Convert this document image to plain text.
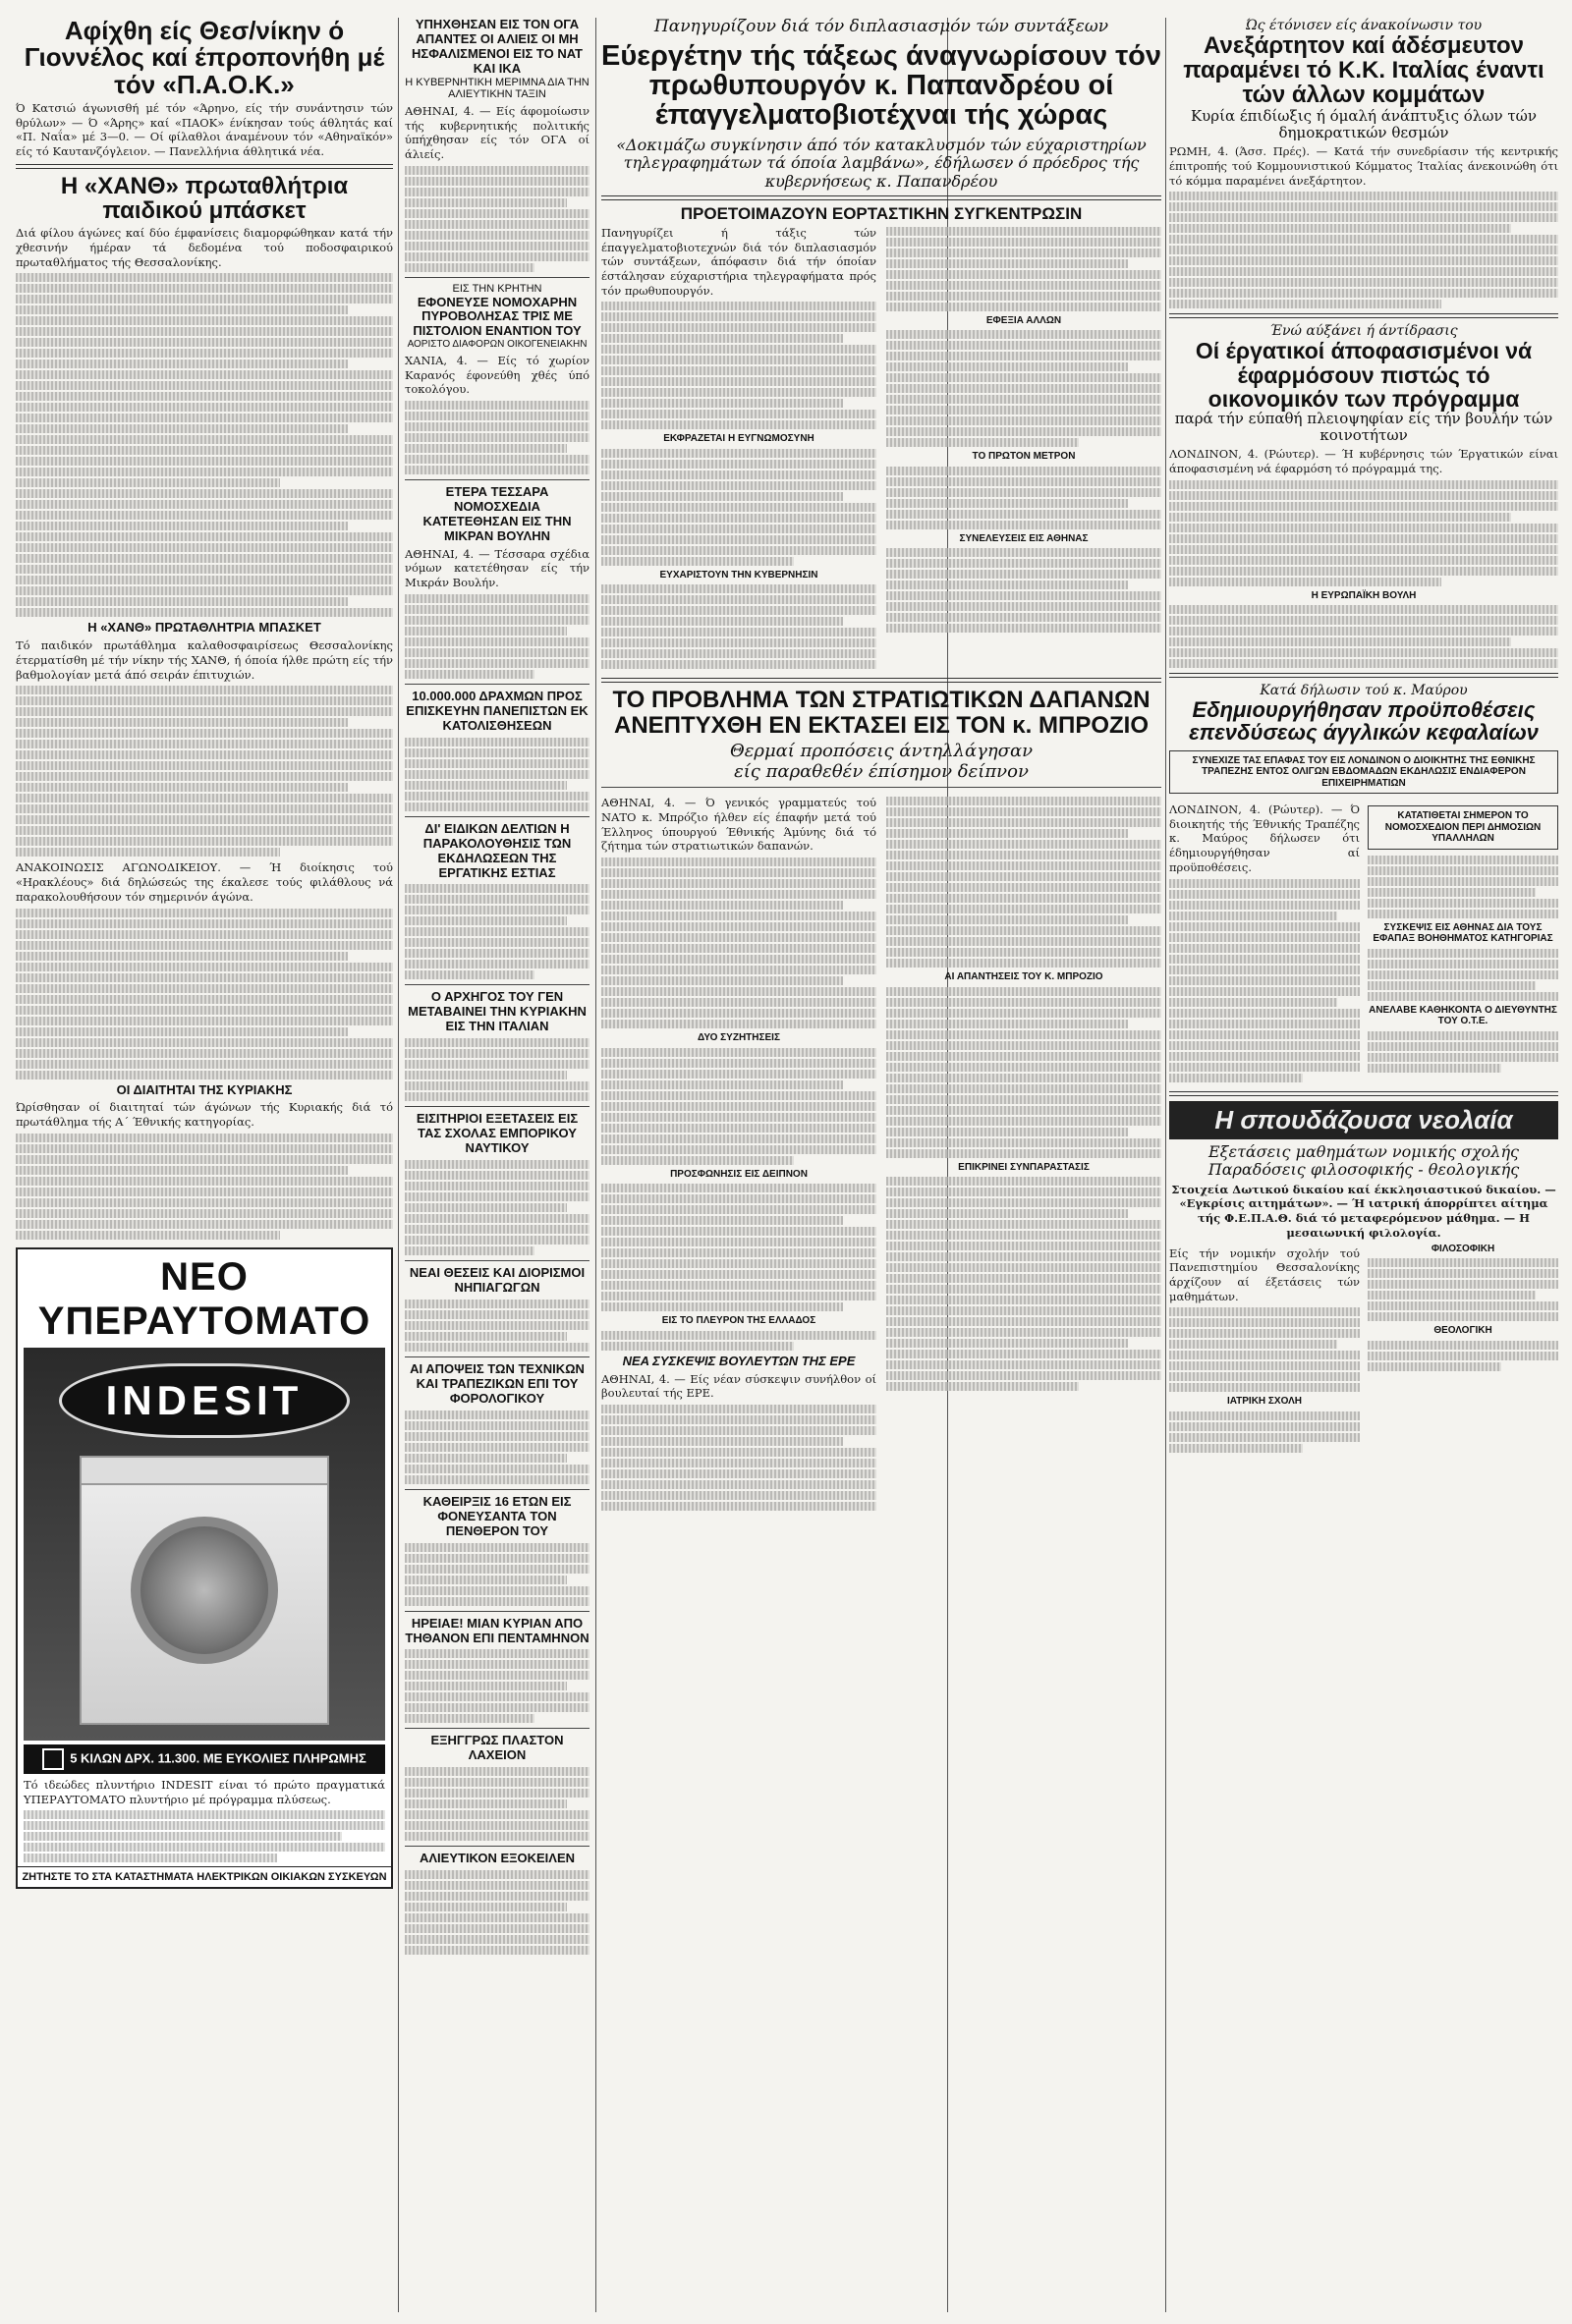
Αφίχθη είς Θεσ/νίκην ό Γιοννέλος καί έπροπονήθη μέ τόν «Π.Α.Ο.Κ.»

Ό Κατσιώ άγωνισθή μέ τόν «Άρηνο, είς τήν συνάντησιν τών θρύλων» — Ό «Άρης» καί «ΠΑΟΚ» ένίκησαν τούς άθλητάς καί «Π. Ναΐα» μέ 3—0. — Οί φίλαθλοι άναμένουν τόν «Αθηναϊκόν» είς τό Καυτανζόγλειον. — Πανελλήνια άθλητικά νέα.

Η «ΧΑΝΘ» πρωταθλήτρια παιδικού μπάσκετ

Διά φίλου άγώνες καί δύο έμφανίσεις διαμορφώθηκαν κατά τήν χθεσινήν ήμέραν τά δεδομένα τού ποδοσφαιρικού πρωταθλήματος τής Θεσσαλονίκης.

Η «ΧΑΝΘ» ΠΡΩΤΑΘΛΗΤΡΙΑ ΜΠΑΣΚΕΤ

Τό παιδικόν πρωτάθλημα καλαθοσφαιρίσεως Θεσσαλονίκης έτερματίσθη μέ τήν νίκην τής ΧΑΝΘ, ή όποία ήλθε πρώτη είς τήν βαθμολογίαν μετά άπό σειράν έπιτυχιών.

ΑΝΑΚΟΙΝΩΣΙΣ ΑΓΩΝΟΔΙΚΕΙΟΥ. — Ή διοίκησις τού «Ηρακλέους» διά δηλώσεώς της έκαλεσε τούς φιλάθλους νά παρακολουθήσουν τόν σημερινόν άγώνα.

ΟΙ ΔΙΑΙΤΗΤΑΙ ΤΗΣ ΚΥΡΙΑΚΗΣ

Ώρίσθησαν οί διαιτηταί τών άγώνων τής Κυριακής διά τό πρωτάθλημα τής Α΄ Έθνικής κατηγορίας.

ΝΕΟ ΥΠΕΡΑΥΤΟΜΑΤΟ
INDESIT
5 ΚΙΛΩΝ ΔΡΧ. 11.300. ΜΕ ΕΥΚΟΛΙΕΣ ΠΛΗΡΩΜΗΣ

Τό ιδεώδες πλυντήριο INDESIT είναι τό πρώτο πραγματικά ΥΠΕΡΑΥΤΟΜΑΤΟ πλυντήριο μέ πρόγραμμα πλύσεως.

ΖΗΤΗΣΤΕ ΤΟ ΣΤΑ ΚΑΤΑΣΤΗΜΑΤΑ ΗΛΕΚΤΡΙΚΩΝ ΟΙΚΙΑΚΩΝ ΣΥΣΚΕΥΩΝ
ΥΠΗΧΘΗΣΑΝ ΕΙΣ ΤΟΝ ΟΓΑ ΑΠΑΝΤΕΣ ΟΙ ΑΛΙΕΙΣ ΟΙ ΜΗ ΗΣΦΑΛΙΣΜΕΝΟΙ ΕΙΣ ΤΟ ΝΑΤ ΚΑΙ ΙΚΑ
Η ΚΥΒΕΡΝΗΤΙΚΗ ΜΕΡΙΜΝΑ ΔΙΑ ΤΗΝ ΑΛΙΕΥΤΙΚΗΝ ΤΑΞΙΝ

ΑΘΗΝΑΙ, 4. — Είς άφομοίωσιν τής κυβερνητικής πολιτικής ύπήχθησαν είς τόν ΟΓΑ οί άλιείς.

ΕΙΣ ΤΗΝ ΚΡΗΤΗΝ
ΕΦΟΝΕΥΣΕ ΝΟΜΟΧΑΡΗΝ ΠΥΡΟΒΟΛΗΣΑΣ ΤΡΙΣ ΜΕ ΠΙΣΤΟΛΙΟΝ ΕΝΑΝΤΙΟΝ ΤΟΥ
ΑΟΡΙΣΤΟ ΔΙΑΦΟΡΩΝ ΟΙΚΟΓΕΝΕΙΑΚΗΝ

ΧΑΝΙΑ, 4. — Είς τό χωρίον Καρανός έφονεύθη χθές ύπό τοκολόγου.

ΕΤΕΡΑ ΤΕΣΣΑΡΑ ΝΟΜΟΣΧΕΔΙΑ ΚΑΤΕΤΕΘΗΣΑΝ ΕΙΣ ΤΗΝ ΜΙΚΡΑΝ ΒΟΥΛΗΝ

ΑΘΗΝΑΙ, 4. — Τέσσαρα σχέδια νόμων κατετέθησαν είς τήν Μικράν Βουλήν.

10.000.000 ΔΡΑΧΜΩΝ ΠΡΟΣ ΕΠΙΣΚΕΥΗΝ ΠΑΝΕΠΙΣΤΩΝ ΕΚ ΚΑΤΟΛΙΣΘΗΣΕΩΝ
ΔΙ' ΕΙΔΙΚΩΝ ΔΕΛΤΙΩΝ Η ΠΑΡΑΚΟΛΟΥΘΗΣΙΣ ΤΩΝ ΕΚΔΗΛΩΣΕΩΝ ΤΗΣ ΕΡΓΑΤΙΚΗΣ ΕΣΤΙΑΣ
Ο ΑΡΧΗΓΟΣ ΤΟΥ ΓΕΝ ΜΕΤΑΒΑΙΝΕΙ ΤΗΝ ΚΥΡΙΑΚΗΝ ΕΙΣ ΤΗΝ ΙΤΑΛΙΑΝ
ΕΙΣΙΤΗΡΙΟΙ ΕΞΕΤΑΣΕΙΣ ΕΙΣ ΤΑΣ ΣΧΟΛΑΣ ΕΜΠΟΡΙΚΟΥ ΝΑΥΤΙΚΟΥ
ΝΕΑΙ ΘΕΣΕΙΣ ΚΑΙ ΔΙΟΡΙΣΜΟΙ ΝΗΠΙΑΓΩΓΩΝ
ΑΙ ΑΠΟΨΕΙΣ ΤΩΝ ΤΕΧΝΙΚΩΝ ΚΑΙ ΤΡΑΠΕΖΙΚΩΝ ΕΠΙ ΤΟΥ ΦΟΡΟΛΟΓΙΚΟΥ
ΚΑΘΕΙΡΞΙΣ 16 ΕΤΩΝ ΕΙΣ ΦΟΝΕΥΣΑΝΤΑ ΤΟΝ ΠΕΝΘΕΡΟΝ ΤΟΥ
ΗΡΕΙΑΕ! ΜΙΑΝ ΚΥΡΙΑΝ ΑΠΟ ΤΗΘΑΝΟΝ ΕΠΙ ΠΕΝΤΑΜΗΝΟΝ
ΕΞΗΓΓΡΩΣ ΠΛΑΣΤΟΝ ΛΑΧΕΙΟΝ
ΑΛΙΕΥΤΙΚΟΝ ΕΞΟΚΕΙΛΕΝ
Πανηγυρίζουν διά τόν διπλασιασμόν τών συντάξεων
Εύεργέτην τής τάξεως άναγνωρίσουν τόν πρωθυπουργόν κ. Παπανδρέου οί έπαγγελματοβιοτέχναι τής χώρας
«Δοκιμάζω συγκίνησιν άπό τόν κατακλυσμόν τών εύχαριστηρίων τηλεγραφημάτων τά όποία λαμβάνω», έδήλωσεν ό πρόεδρος τής κυβερνήσεως κ. Παπανδρέου
ΠΡΟΕΤΟΙΜΑΖΟΥΝ ΕΟΡΤΑΣΤΙΚΗΝ ΣΥΓΚΕΝΤΡΩΣΙΝ

Πανηγυρίζει ή τάξις τών έπαγγελματοβιοτεχνών διά τόν διπλασιασμόν τών συντάξεων, άπόφασιν διά τήν όποίαν έστάλησαν εύχαριστήρια τηλεγραφήματα πρός τόν πρωθυπουργόν.

ΕΚΦΡΑΖΕΤΑΙ Η ΕΥΓΝΩΜΟΣΥΝΗ
ΕΥΧΑΡΙΣΤΟΥΝ ΤΗΝ ΚΥΒΕΡΝΗΣΙΝ
ΕΦΕΞΙΑ ΑΛΛΩΝ
ΤΟ ΠΡΩΤΟΝ ΜΕΤΡΟΝ
ΣΥΝΕΛΕΥΣΕΙΣ ΕΙΣ ΑΘΗΝΑΣ
ΤΟ ΠΡΟΒΛΗΜΑ ΤΩΝ ΣΤΡΑΤΙΩΤΙΚΩΝ ΔΑΠΑΝΩΝ ΑΝΕΠΤΥΧΘΗ ΕΝ ΕΚΤΑΣΕΙ ΕΙΣ ΤΟΝ κ. ΜΠΡΟΖΙΟ
Θερμαί προπόσεις άντηλλάγησαν
είς παραθεθέν έπίσημον δείπνον

ΑΘΗΝΑΙ, 4. — Ό γενικός γραμματεύς τού ΝΑΤΟ κ. Μπρόζιο ήλθεν είς έπαφήν μετά τού Έλληνος ύπουργού Έθνικής Άμύνης διά τό ζήτημα τών στρατιωτικών δαπανών.

ΔΥΟ ΣΥΖΗΤΗΣΕΙΣ
ΠΡΟΣΦΩΝΗΣΙΣ ΕΙΣ ΔΕΙΠΝΟΝ
ΕΙΣ ΤΟ ΠΛΕΥΡΟΝ ΤΗΣ ΕΛΛΑΔΟΣ
ΝΕΑ ΣΥΣΚΕΨΙΣ ΒΟΥΛΕΥΤΩΝ ΤΗΣ ΕΡΕ

ΑΘΗΝΑΙ, 4. — Είς νέαν σύσκεψιν συνήλθον οί βουλευταί τής ΕΡΕ.

ΑΙ ΑΠΑΝΤΗΣΕΙΣ ΤΟΥ Κ. ΜΠΡΟΖΙΟ
ΕΠΙΚΡΙΝΕΙ ΣΥΝΠΑΡΑΣΤΑΣΙΣ
Ώς έτόνισεν είς άνακοίνωσιν του
Ανεξάρτητον καί άδέσμευτον παραμένει τό Κ.Κ. Ιταλίας έναντι τών άλλων κομμάτων
Κυρία έπιδίωξις ή όμαλή άνάπτυξις όλων τών δημοκρατικών θεσμών

ΡΩΜΗ, 4. (Άσσ. Πρές). — Κατά τήν συνεδρίασιν τής κεντρικής έπιτροπής τού Κομμουνιστικού Κόμματος Ίταλίας άνεκοινώθη ότι τό κόμμα παραμένει άνεξάρτητον.

Ένώ αύξάνει ή άντίδρασις
Οί έργατικοί άποφασισμένοι νά έφαρμόσουν πιστώς τό οικονομικόν των πρόγραμμα
παρά τήν εύπαθή πλειοψηφίαν είς τήν βουλήν τών κοινοτήτων

ΛΟΝΔΙΝΟΝ, 4. (Ρώυτερ). — Ή κυβέρνησις τών Έργατικών είναι άποφασισμένη νά έφαρμόση τό πρόγραμμά της.

Η ΕΥΡΩΠΑΪΚΗ ΒΟΥΛΗ
Κατά δήλωσιν τού κ. Μαύρου
Εδημιουργήθησαν προϋποθέσεις επενδύσεως άγγλικών κεφαλαίων
ΣΥΝΕΧΙΖΕ ΤΑΣ ΕΠΑΦΑΣ ΤΟΥ ΕΙΣ ΛΟΝΔΙΝΟΝ Ο ΔΙΟΙΚΗΤΗΣ ΤΗΣ ΕΘΝΙΚΗΣ ΤΡΑΠΕΖΗΣ ΕΝΤΟΣ ΟΛΙΓΩΝ ΕΒΔΟΜΑΔΩΝ ΕΚΔΗΛΩΣΙΣ ΕΝΔΙΑΦΕΡΟΝ ΕΠΙΧΕΙΡΗΜΑΤΙΩΝ

ΛΟΝΔΙΝΟΝ, 4. (Ρώυτερ). — Ό διοικητής τής Έθνικής Τραπέζης κ. Μαύρος δήλωσεν ότι έδημιουργήθησαν αί προϋποθέσεις.

ΚΑΤΑΤΙΘΕΤΑΙ ΣΗΜΕΡΟΝ ΤΟ ΝΟΜΟΣΧΕΔΙΟΝ ΠΕΡΙ ΔΗΜΟΣΙΩΝ ΥΠΑΛΛΗΛΩΝ
ΣΥΣΚΕΨΙΣ ΕΙΣ ΑΘΗΝΑΣ ΔΙΑ ΤΟΥΣ ΕΦΑΠΑΞ ΒΟΗΘΗΜΑΤΟΣ ΚΑΤΗΓΟΡΙΑΣ
ΑΝΕΛΑΒΕ ΚΑΘΗΚΟΝΤΑ Ο ΔΙΕΥΘΥΝΤΗΣ ΤΟΥ Ο.Τ.Ε.
Η σπουδάζουσα νεολαία
Εξετάσεις μαθημάτων νομικής σχολής
Παραδόσεις φιλοσοφικής - θεολογικής

Στοιχεία Δωτικού δικαίου καί έκκλησιαστικού δικαίου. — «Εγκρίσις αιτημάτων». — Ή ιατρική άπορρίπτει αίτημα τής Φ.Ε.Π.Α.Θ. διά τό μεταφερόμενον μάθημα. — Η μεσαιωνική φιλολογία.

Είς τήν νομικήν σχολήν τού Πανεπιστημίου Θεσσαλονίκης άρχίζουν αί έξετάσεις τών μαθημάτων.

ΙΑΤΡΙΚΗ ΣΧΟΛΗ
ΦΙΛΟΣΟΦΙΚΗ
ΘΕΟΛΟΓΙΚΗ
